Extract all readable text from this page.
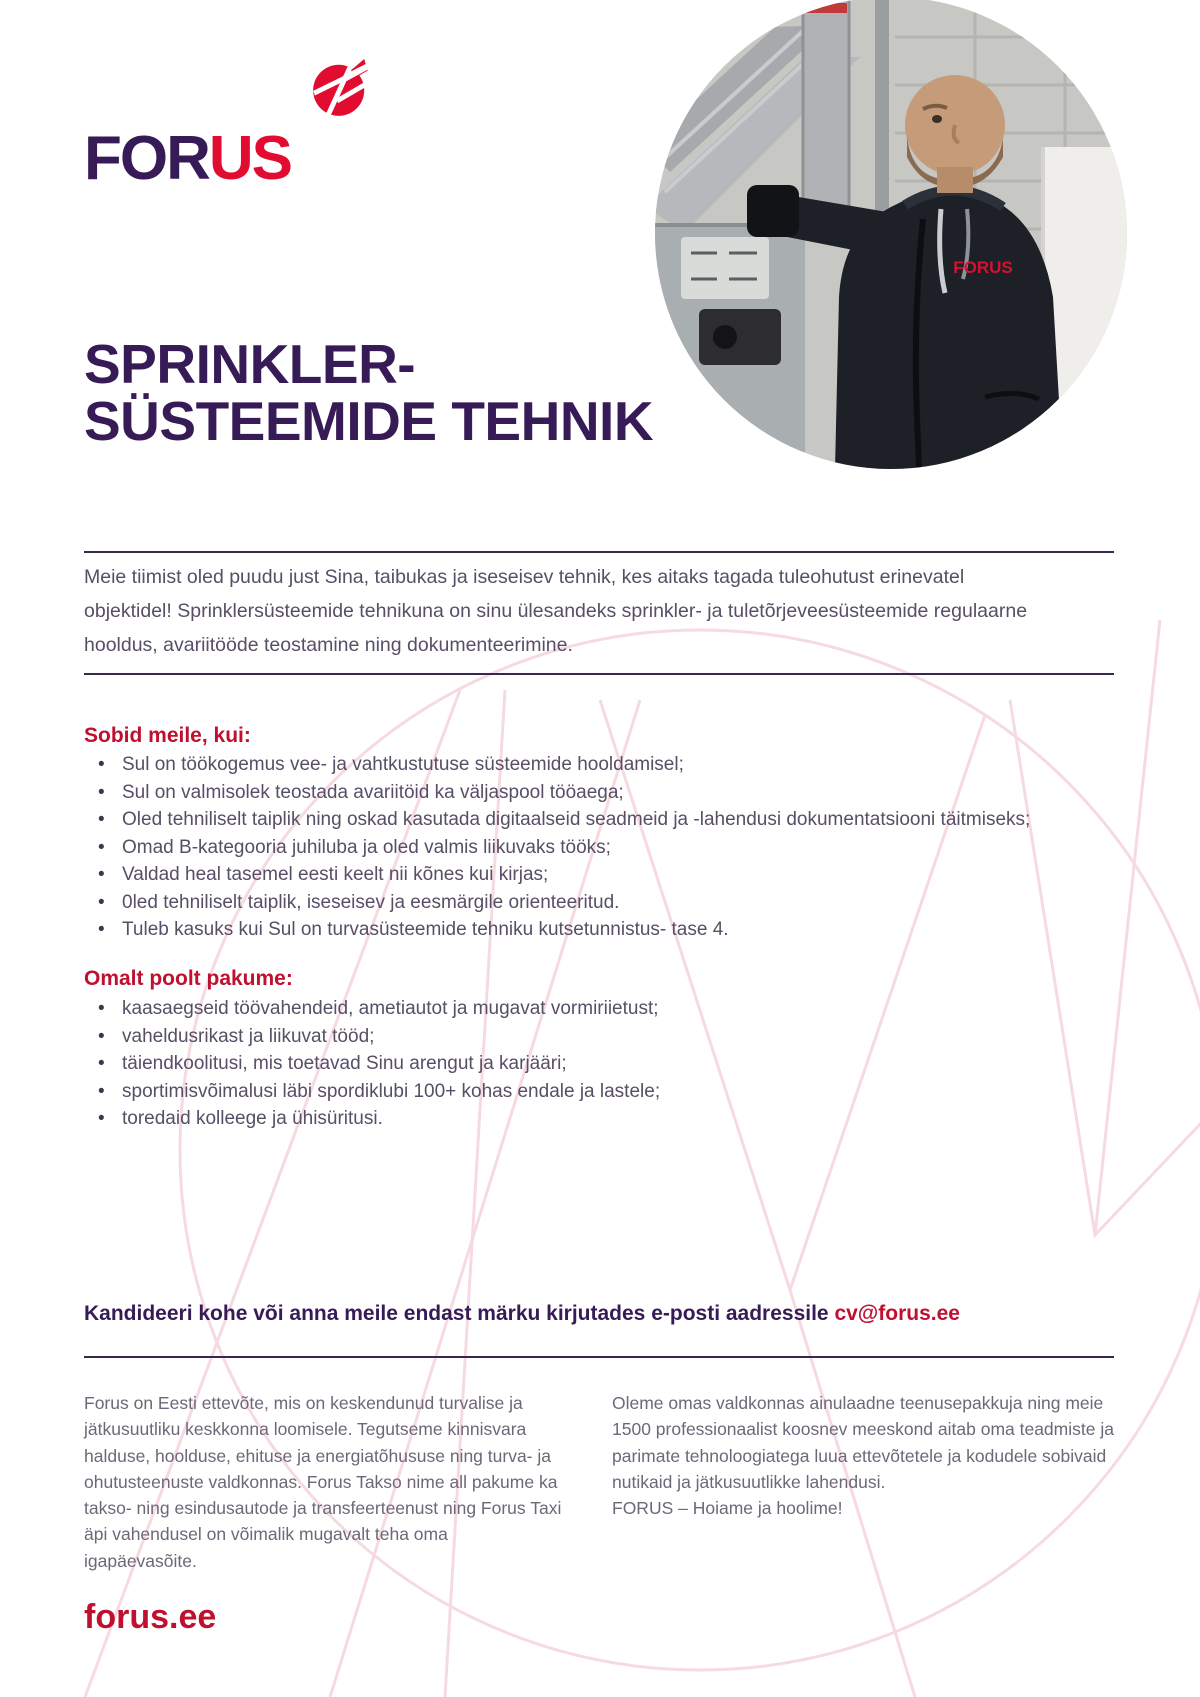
FORUS
FORUS
SPRINKLER-
SÜSTEEMIDE TEHNIK

Meie tiimist oled puudu just Sina, taibukas ja iseseisev tehnik, kes aitaks tagada tuleohutust erinevatel objektidel! Sprinklersüsteemide tehnikuna on sinu ülesandeks sprinkler- ja tuletõrjeveesüsteemide regulaarne hooldus, avariitööde teostamine ning dokumenteerimine.

Sobid meile, kui:
• Sul on töökogemus vee- ja vahtkustutuse süsteemide hooldamisel;
• Sul on valmisolek teostada avariitöid ka väljaspool tööaega;
• Oled tehniliselt taiplik ning oskad kasutada digitaalseid seadmeid ja -lahendusi dokumentatsiooni täitmiseks;
• Omad B-kategooria juhiluba ja oled valmis liikuvaks tööks;
• Valdad heal tasemel eesti keelt nii kõnes kui kirjas;
• 0led tehniliselt taiplik, iseseisev ja eesmärgile orienteeritud.
• Tuleb kasuks kui Sul on turvasüsteemide tehniku kutsetunnistus- tase 4.
Omalt poolt pakume:
• kaasaegseid töövahendeid, ametiautot ja mugavat vormiriietust;
• vaheldusrikast ja liikuvat tööd;
• täiendkoolitusi, mis toetavad Sinu arengut ja karjääri;
• sportimisvõimalusi läbi spordiklubi 100+ kohas endale ja lastele;
• toredaid kolleege ja ühisüritusi.
Kandideeri kohe või anna meile endast märku kirjutades e-posti aadressile cv@forus.ee

Forus on Eesti ettevõte, mis on keskendunud turvalise ja jätkusuutliku keskkonna loomisele. Tegutseme kinnisvara halduse, hoolduse, ehituse ja energiatõhususe ning turva- ja ohutusteenuste valdkonnas. Forus Takso nime all pakume ka takso- ning esindusautode ja transfeerteenust ning Forus Taxi äpi vahendusel on võimalik mugavalt teha oma igapäevasõite.

Oleme omas valdkonnas ainulaadne teenusepakkuja ning meie 1500 professionaalist koosnev meeskond aitab oma teadmiste ja parimate tehnoloogiatega luua ettevõtetele ja kodudele sobivaid nutikaid ja jätkusuutlikke lahendusi.
FORUS – Hoiame ja hoolime!
forus.ee
